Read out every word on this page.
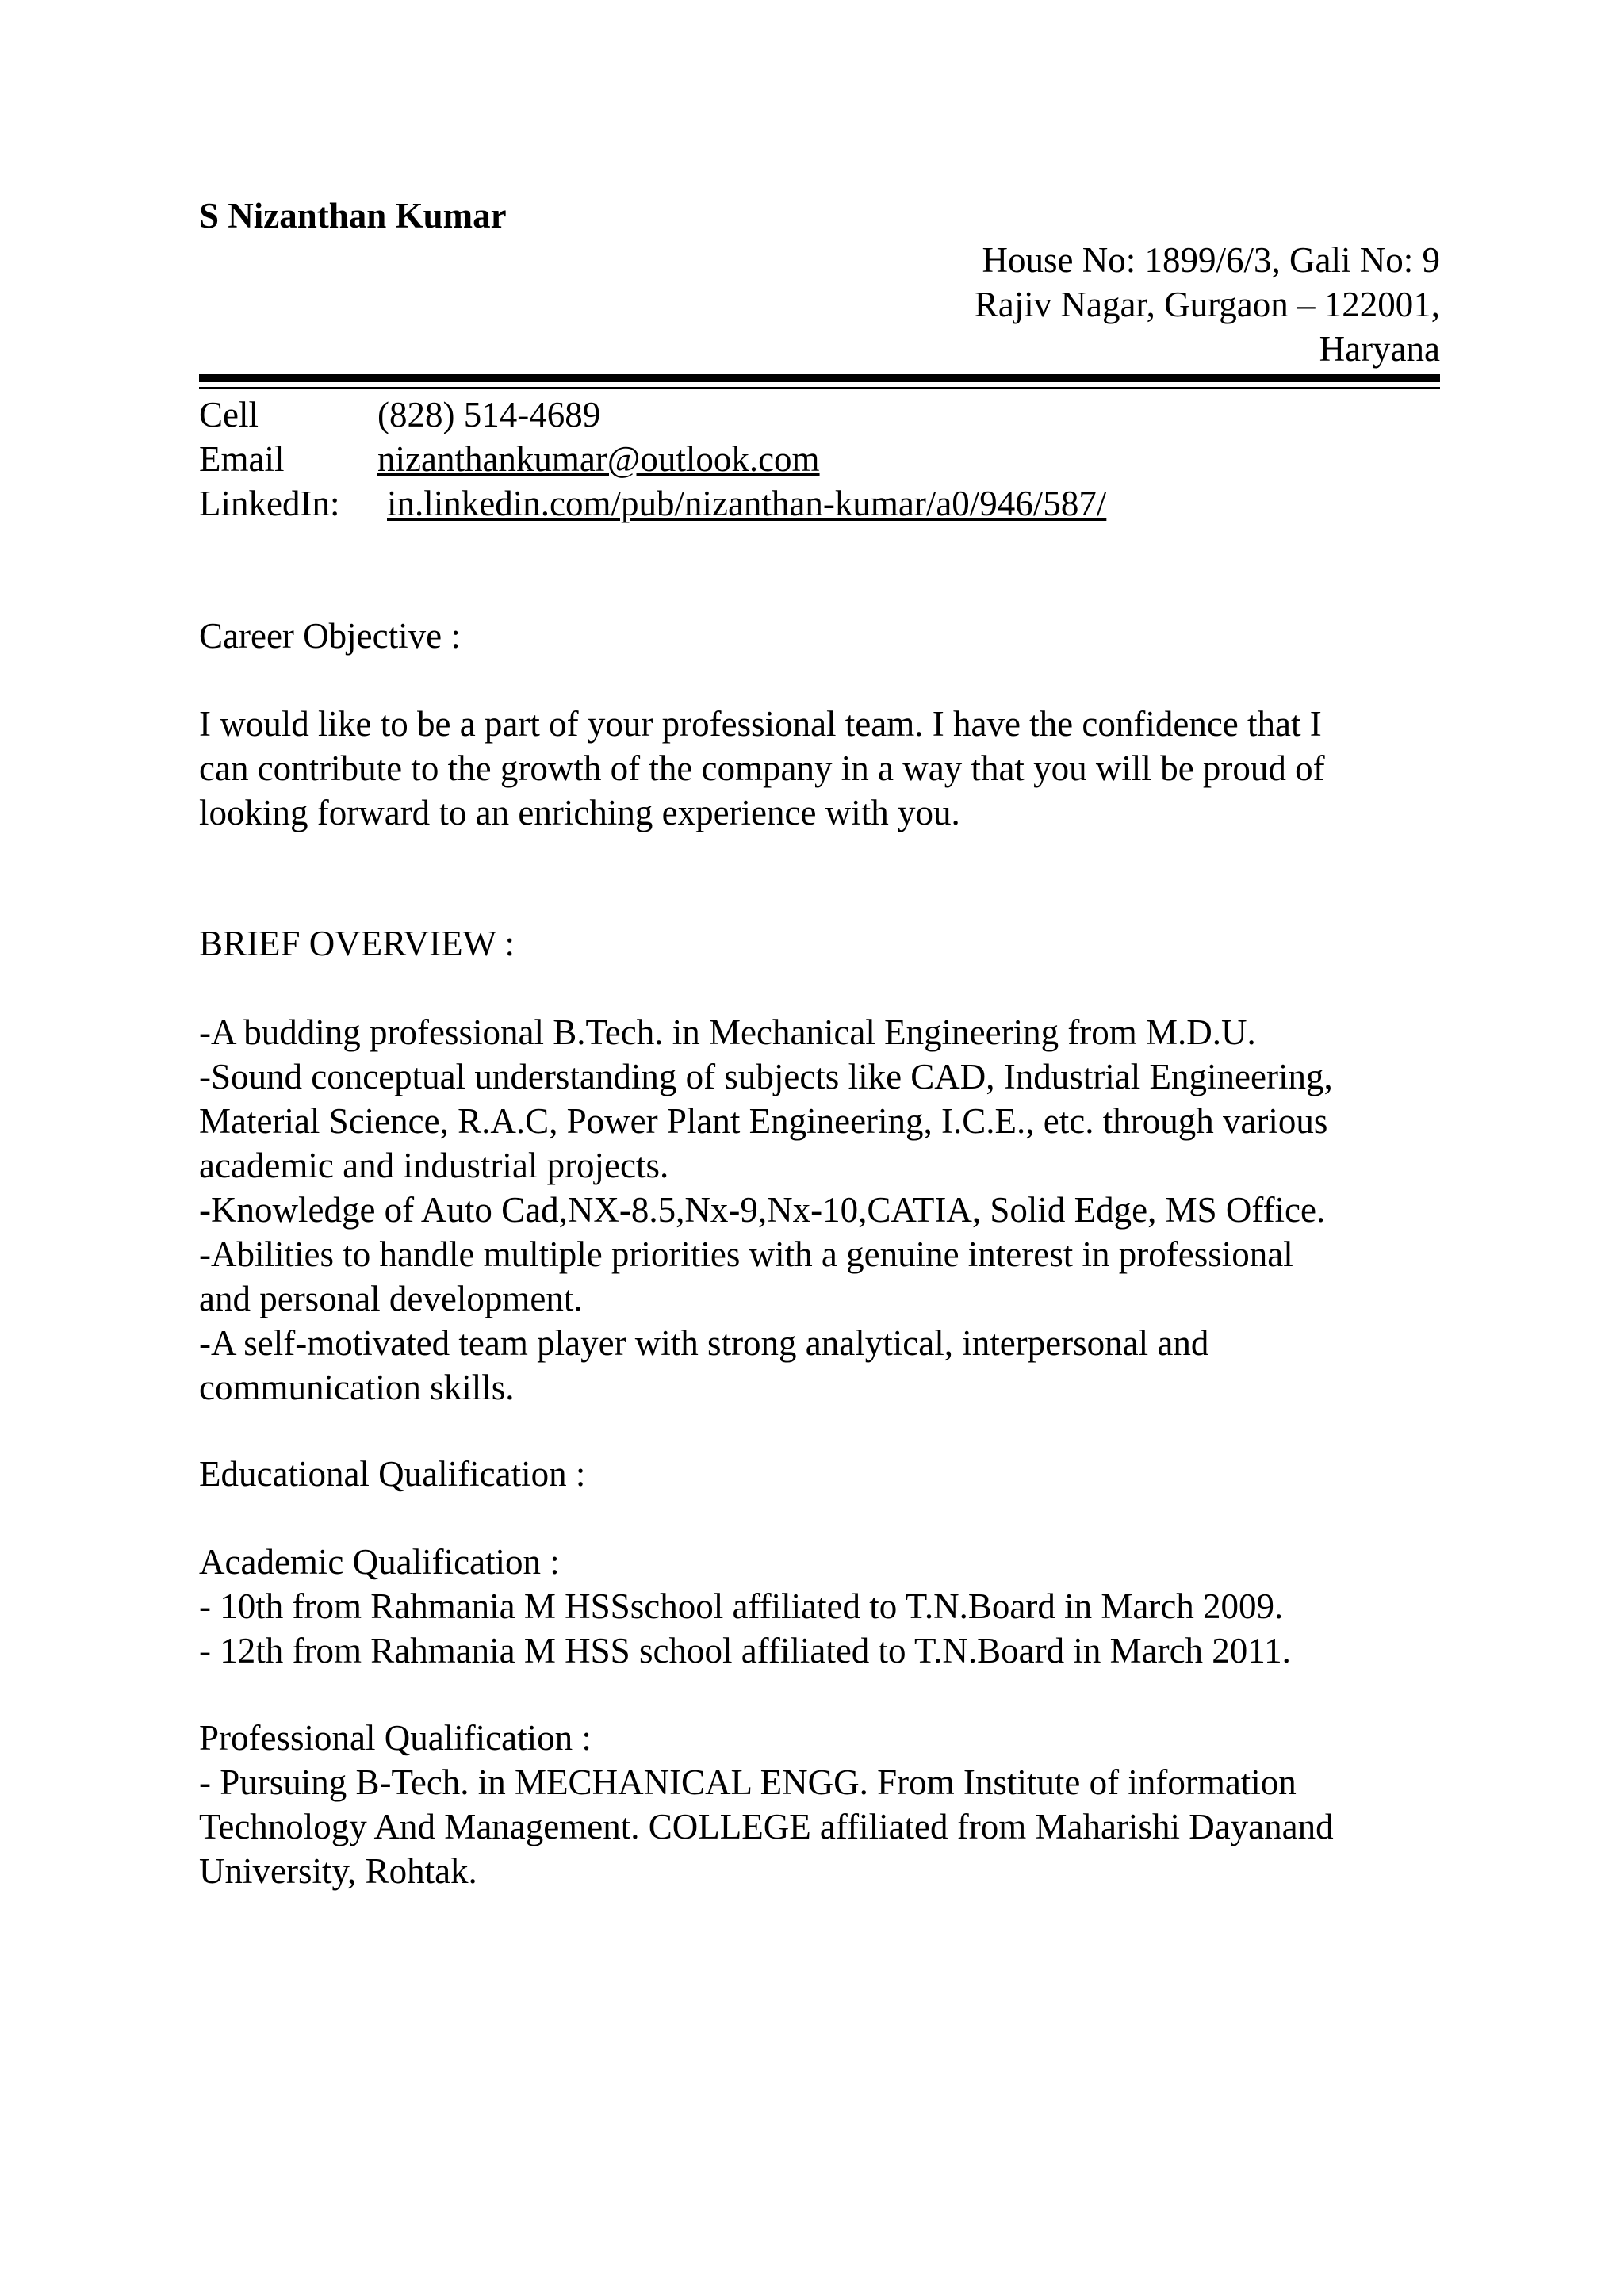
S Nizanthan Kumar
House No: 1899/6/3, Gali No: 9
Rajiv Nagar, Gurgaon – 122001,
Haryana
Cell	(828) 514-4689
Email	nizanthankumar@outlook.com
LinkedIn: in.linkedin.com/pub/nizanthan-kumar/a0/946/587/
Career Objective :
I would like to be a part of your professional team. I have the confidence that I
can contribute to the growth of the company in a way that you will be proud of
looking forward to an enriching experience with you.
BRIEF OVERVIEW :
-A budding professional B.Tech. in Mechanical Engineering from M.D.U.
-Sound conceptual understanding of subjects like CAD, Industrial Engineering,
Material Science, R.A.C, Power Plant Engineering, I.C.E., etc. through various
academic and industrial projects.
-Knowledge of Auto Cad,NX-8.5,Nx-9,Nx-10,CATIA, Solid Edge, MS Office.
-Abilities to handle multiple priorities with a genuine interest in professional
and personal development.
-A self-motivated team player with strong analytical, interpersonal and
communication skills.
Educational Qualification :
Academic Qualification :
- 10th from Rahmania M HSSschool affiliated to T.N.Board in March 2009.
- 12th from Rahmania M HSS school affiliated to T.N.Board in March 2011.
Professional Qualification :
- Pursuing B-Tech. in MECHANICAL ENGG. From Institute of information
Technology And Management. COLLEGE affiliated from Maharishi Dayanand
University, Rohtak.
